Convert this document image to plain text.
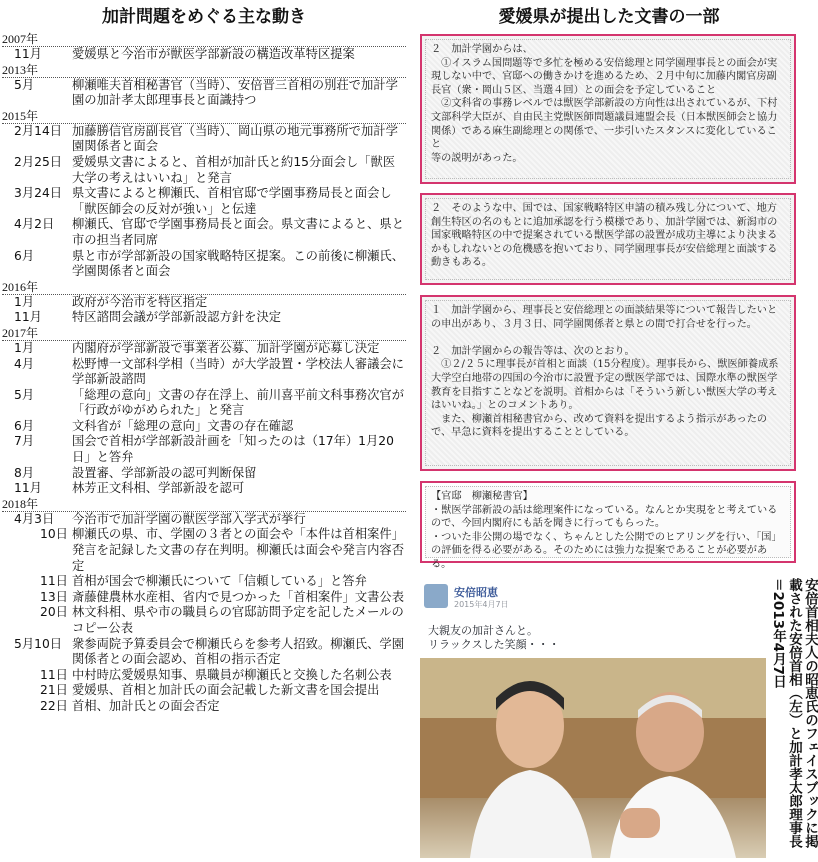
加計問題をめぐる主な動き
2007年
11月 愛媛県と今治市が獣医学部新設の構造改革特区提案
2013年
5月	柳瀬唯夫首相秘書官（当時）、安倍晋三首相の別荘で加計学園の加計孝太郎理事長と面識持つ
2015年
2月14日 加藤勝信官房副長官（当時）、岡山県の地元事務所で加計学園関係者と面会
2月25日 愛媛県文書によると、首相が加計氏と約15分面会し「獣医大学の考えはいいね」と発言
3月24日 県文書によると柳瀬氏、首相官邸で学園事務局長と面会し「獣医師会の反対が強い」と伝達
4月2日 柳瀬氏、官邸で学園事務局長と面会。県文書によると、県と市の担当者同席
6月	県と市が学部新設の国家戦略特区提案。この前後に柳瀬氏、学園関係者と面会
2016年
1月	政府が今治市を特区指定
11月 特区諮問会議が学部新設認方針を決定
2017年
1月	内閣府が学部新設で事業者公募、加計学園が応募し決定
4月	松野博一文部科学相（当時）が大学設置・学校法人審議会に学部新設諮問
5月	「総理の意向」文書の存在浮上、前川喜平前文科事務次官が「行政がゆがめられた」と発言
6月	文科省が「総理の意向」文書の存在確認
7月	国会で首相が学部新設計画を「知ったのは（17年）1月20日」と答弁
8月	設置審、学部新設の認可判断保留
11月 林芳正文科相、学部新設を認可
2018年
4月3日 今治市で加計学園の獣医学部入学式が挙行
10日 柳瀬氏の県、市、学園の３者との面会や「本件は首相案件」発言を記録した文書の存在判明。柳瀬氏は面会や発言内容否定
11日 首相が国会で柳瀬氏について「信頼している」と答弁
13日 斎藤健農林水産相、省内で見つかった「首相案件」文書公表
20日 林文科相、県や市の職員らの官邸訪問予定を記したメールのコピー公表
5月10日 衆参両院予算委員会で柳瀬氏らを参考人招致。柳瀬氏、学園関係者との面会認め、首相の指示否定
11日 中村時広愛媛県知事、県職員が柳瀬氏と交換した名刺公表
21日 愛媛県、首相と加計氏の面会記載した新文書を国会提出
22日 首相、加計氏との面会否定
愛媛県が提出した文書の一部

２　加計学園からは、
　①イスラム国問題等で多忙を極める安倍総理と同学園理事長との面会が実現しない中で、官邸への働きかけを進めるため、２月中旬に加藤内閣官房副長官（衆・岡山５区、当選４回）との面会を予定していること
　②文科省の事務レベルでは獣医学部新設の方向性は出されているが、下村文部科学大臣が、自由民主党獣医師問題議員連盟会長（日本獣医師会と協力関係）である麻生副総理との関係で、一歩引いたスタンスに変化していること
等の説明があった。

２　そのような中、国では、国家戦略特区申請の積み残し分について、地方創生特区の名のもとに追加承認を行う模様であり、加計学園では、新潟市の国家戦略特区の中で提案されている獣医学部の設置が成功主導により決まるかもしれないとの危機感を抱いており、同学園理事長が安倍総理と面談する動きもある。

１　加計学園から、理事長と安倍総理との面談結果等について報告したいとの申出があり、３月３日、同学園関係者と県との間で打合せを行った。

２　加計学園からの報告等は、次のとおり。
　①２/２５に理事長が首相と面談（15分程度）。理事長から、獣医師養成系大学空白地帯の四国の今治市に設置予定の獣医学部では、国際水準の獣医学教育を目指すことなどを説明。首相からは「そういう新しい獣医大学の考えはいいね。」とのコメントあり。
　また、柳瀬首相秘書官から、改めて資料を提出するよう指示があったので、早急に資料を提出することとしている。

【官邸　柳瀬秘書官】
・獣医学部新設の話は総理案件になっている。なんとか実現をと考えているので、今回内閣府にも話を聞きに行ってもらった。
・ついた非公開の場でなく、ちゃんとした公開でのヒアリングを行い、「国」の評価を得る必要がある。そのためには強力な提案であることが必要がある。

安倍昭恵
2015年4月7日
大親友の加計さんと。
リラックスした笑顔・・・	安倍首相夫人の昭恵氏のフェイスブックに掲載された安倍首相（左）と加計孝太郎理事長＝2013年4月7日
